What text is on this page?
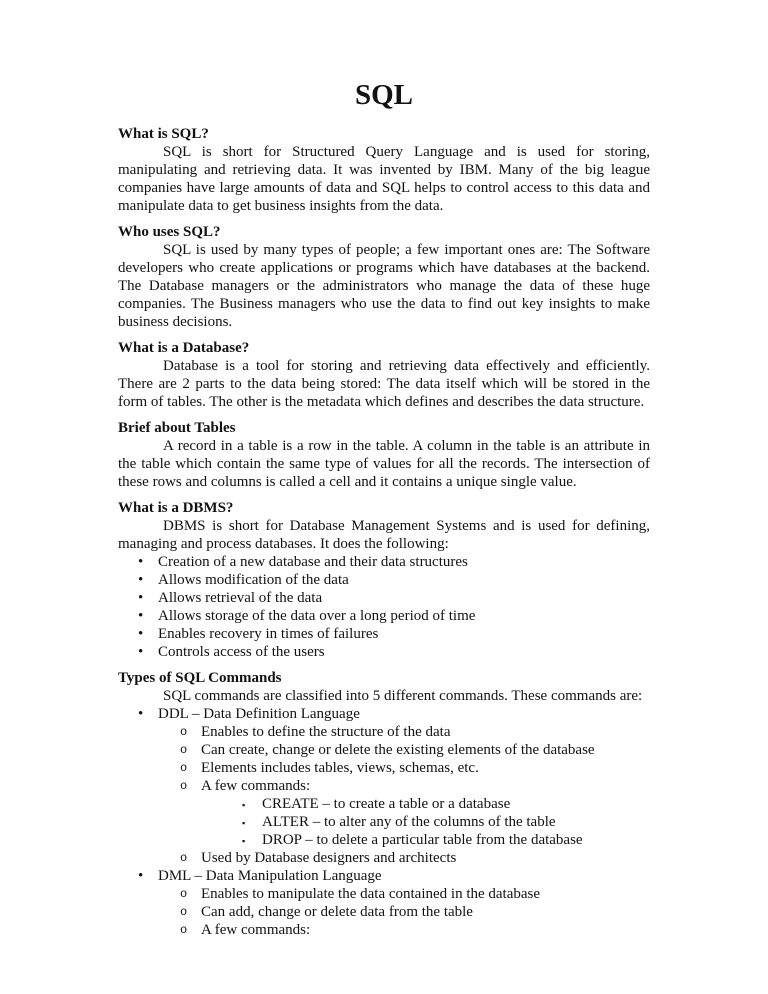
SQL

What is SQL?

SQL is short for Structured Query Language and is used for storing, manipulating and retrieving data. It was invented by IBM. Many of the big league companies have large amounts of data and SQL helps to control access to this data and manipulate data to get business insights from the data.

Who uses SQL?

SQL is used by many types of people; a few important ones are: The Software developers who create applications or programs which have databases at the backend. The Database managers or the administrators who manage the data of these huge companies. The Business managers who use the data to find out key insights to make business decisions.

What is a Database?

Database is a tool for storing and retrieving data effectively and efficiently. There are 2 parts to the data being stored: The data itself which will be stored in the form of tables. The other is the metadata which defines and describes the data structure.

Brief about Tables

A record in a table is a row in the table. A column in the table is an attribute in the table which contain the same type of values for all the records. The intersection of these rows and columns is called a cell and it contains a unique single value.

What is a DBMS?

DBMS is short for Database Management Systems and is used for defining, managing and process databases. It does the following:

• Creation of a new database and their data structures
• Allows modification of the data
• Allows retrieval of the data
• Allows storage of the data over a long period of time
• Enables recovery in times of failures
• Controls access of the users

Types of SQL Commands

SQL commands are classified into 5 different commands. These commands are:

• DDL – Data Definition Language
o Enables to define the structure of the data
o Can create, change or delete the existing elements of the database
o Elements includes tables, views, schemas, etc.
o A few commands:
▪ CREATE – to create a table or a database
▪ ALTER – to alter any of the columns of the table
▪ DROP – to delete a particular table from the database
o Used by Database designers and architects
• DML – Data Manipulation Language
o Enables to manipulate the data contained in the database
o Can add, change or delete data from the table
o A few commands:
